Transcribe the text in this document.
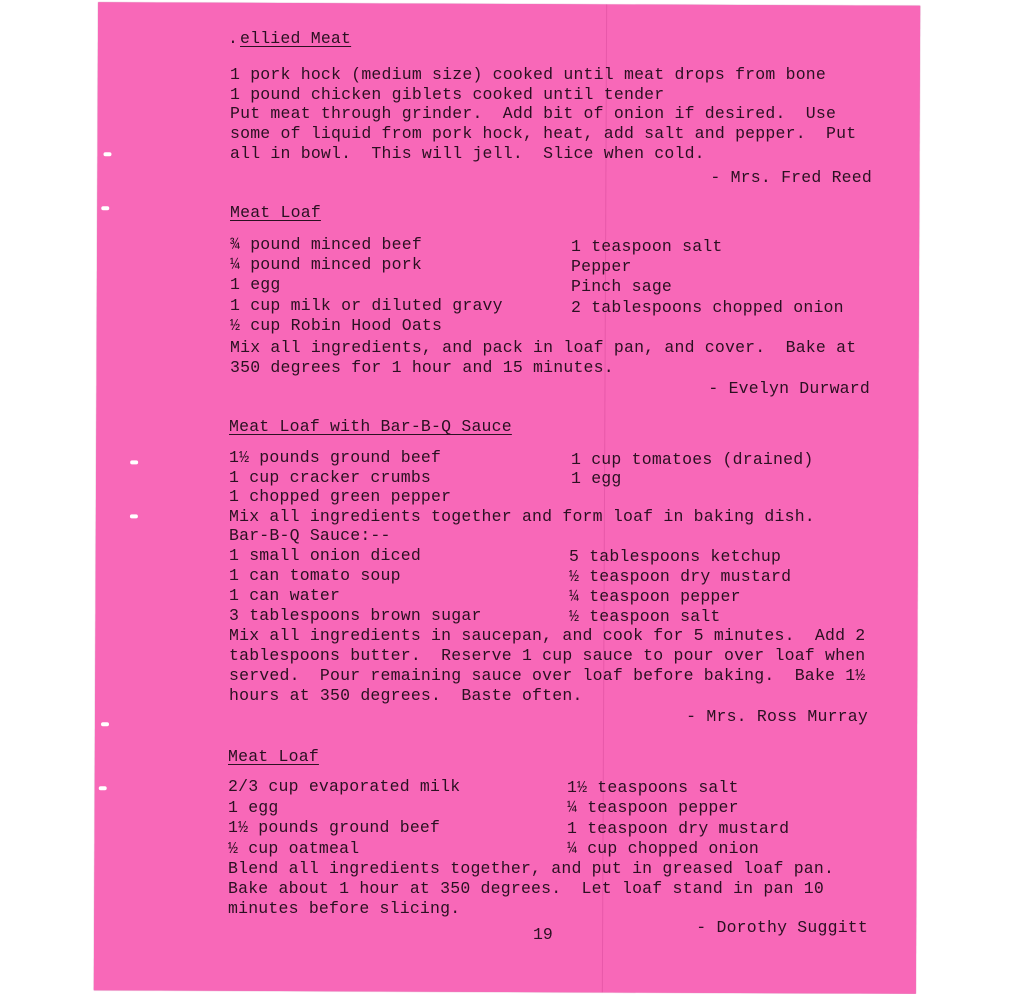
. ellied Meat
1 pork hock (medium size) cooked until meat drops from bone
1 pound chicken giblets cooked until tender
Put meat through grinder.  Add bit of onion if desired.  Use
some of liquid from pork hock, heat, add salt and pepper.  Put
all in bowl.  This will jell.  Slice when cold.
- Mrs. Fred Reed
Meat Loaf
¾ pound minced beef
¼ pound minced pork
1 egg
1 cup milk or diluted gravy
½ cup Robin Hood Oats
1 teaspoon salt
Pepper
Pinch sage
2 tablespoons chopped onion
Mix all ingredients, and pack in loaf pan, and cover.  Bake at
350 degrees for 1 hour and 15 minutes.
- Evelyn Durward
Meat Loaf with Bar-B-Q Sauce
1½ pounds ground beef
1 cup cracker crumbs
1 chopped green pepper
1 cup tomatoes (drained)
1 egg
Mix all ingredients together and form loaf in baking dish.
Bar-B-Q Sauce:--
1 small onion diced
1 can tomato soup
1 can water
3 tablespoons brown sugar
5 tablespoons ketchup
½ teaspoon dry mustard
¼ teaspoon pepper
½ teaspoon salt
Mix all ingredients in saucepan, and cook for 5 minutes.  Add 2
tablespoons butter.  Reserve 1 cup sauce to pour over loaf when
served.  Pour remaining sauce over loaf before baking.  Bake 1½
hours at 350 degrees.  Baste often.
- Mrs. Ross Murray
Meat Loaf
2/3 cup evaporated milk
1 egg
1½ pounds ground beef
½ cup oatmeal
1½ teaspoons salt
¼ teaspoon pepper
1 teaspoon dry mustard
¼ cup chopped onion
Blend all ingredients together, and put in greased loaf pan.
Bake about 1 hour at 350 degrees.  Let loaf stand in pan 10
minutes before slicing.
- Dorothy Suggitt
19
